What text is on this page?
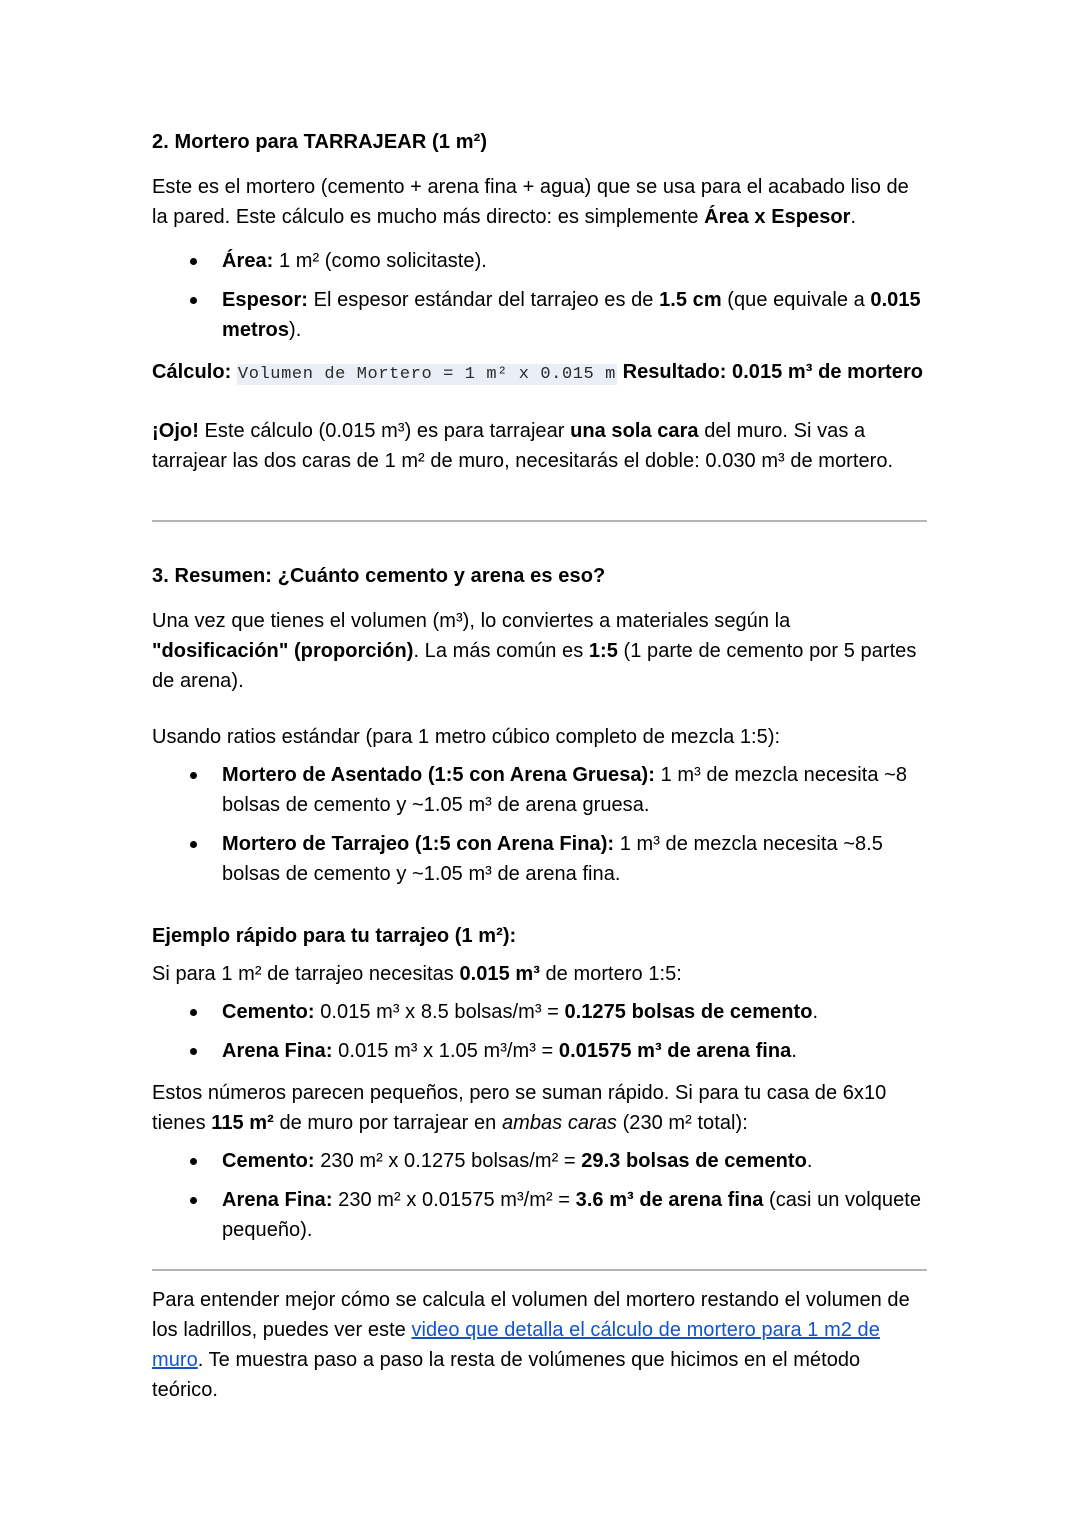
2. Mortero para TARRAJEAR (1 m²)

Este es el mortero (cemento + arena fina + agua) que se usa para el acabado liso de la pared. Este cálculo es mucho más directo: es simplemente Área x Espesor.

Área: 1 m² (como solicitaste).
Espesor: El espesor estándar del tarrajeo es de 1.5 cm (que equivale a 0.015 metros).

Cálculo: Volumen de Mortero = 1 m² x 0.015 m Resultado: 0.015 m³ de mortero

¡Ojo! Este cálculo (0.015 m³) es para tarrajear una sola cara del muro. Si vas a tarrajear las dos caras de 1 m² de muro, necesitarás el doble: 0.030 m³ de mortero.

3. Resumen: ¿Cuánto cemento y arena es eso?

Una vez que tienes el volumen (m³), lo conviertes a materiales según la "dosificación" (proporción). La más común es 1:5 (1 parte de cemento por 5 partes de arena).

Usando ratios estándar (para 1 metro cúbico completo de mezcla 1:5):

Mortero de Asentado (1:5 con Arena Gruesa): 1 m³ de mezcla necesita ~8 bolsas de cemento y ~1.05 m³ de arena gruesa.
Mortero de Tarrajeo (1:5 con Arena Fina): 1 m³ de mezcla necesita ~8.5 bolsas de cemento y ~1.05 m³ de arena fina.

Ejemplo rápido para tu tarrajeo (1 m²):

Si para 1 m² de tarrajeo necesitas 0.015 m³ de mortero 1:5:

Cemento: 0.015 m³ x 8.5 bolsas/m³ = 0.1275 bolsas de cemento.
Arena Fina: 0.015 m³ x 1.05 m³/m³ = 0.01575 m³ de arena fina.

Estos números parecen pequeños, pero se suman rápido. Si para tu casa de 6x10 tienes 115 m² de muro por tarrajear en ambas caras (230 m² total):

Cemento: 230 m² x 0.1275 bolsas/m² = 29.3 bolsas de cemento.
Arena Fina: 230 m² x 0.01575 m³/m² = 3.6 m³ de arena fina (casi un volquete pequeño).

Para entender mejor cómo se calcula el volumen del mortero restando el volumen de los ladrillos, puedes ver este video que detalla el cálculo de mortero para 1 m2 de muro. Te muestra paso a paso la resta de volúmenes que hicimos en el método teórico.
